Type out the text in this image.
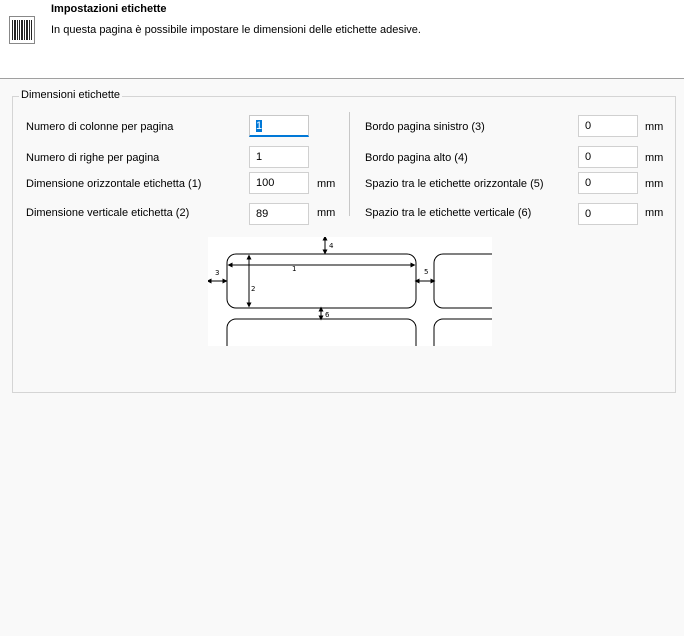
Impostazioni etichette
In questa pagina è possibile impostare le dimensioni delle etichette adesive.
Dimensioni etichette
Numero di colonne per pagina	1
Numero di righe per pagina	1
Dimensione orizzontale etichetta (1)	100	mm
Dimensione verticale etichetta (2)	89	mm
Bordo pagina sinistro (3)	0	mm
Bordo pagina alto (4)	0	mm
Spazio tra le etichette orizzontale (5)	0	mm
Spazio tra le etichette verticale (6)	0	mm
1
2
3
4
5
6
